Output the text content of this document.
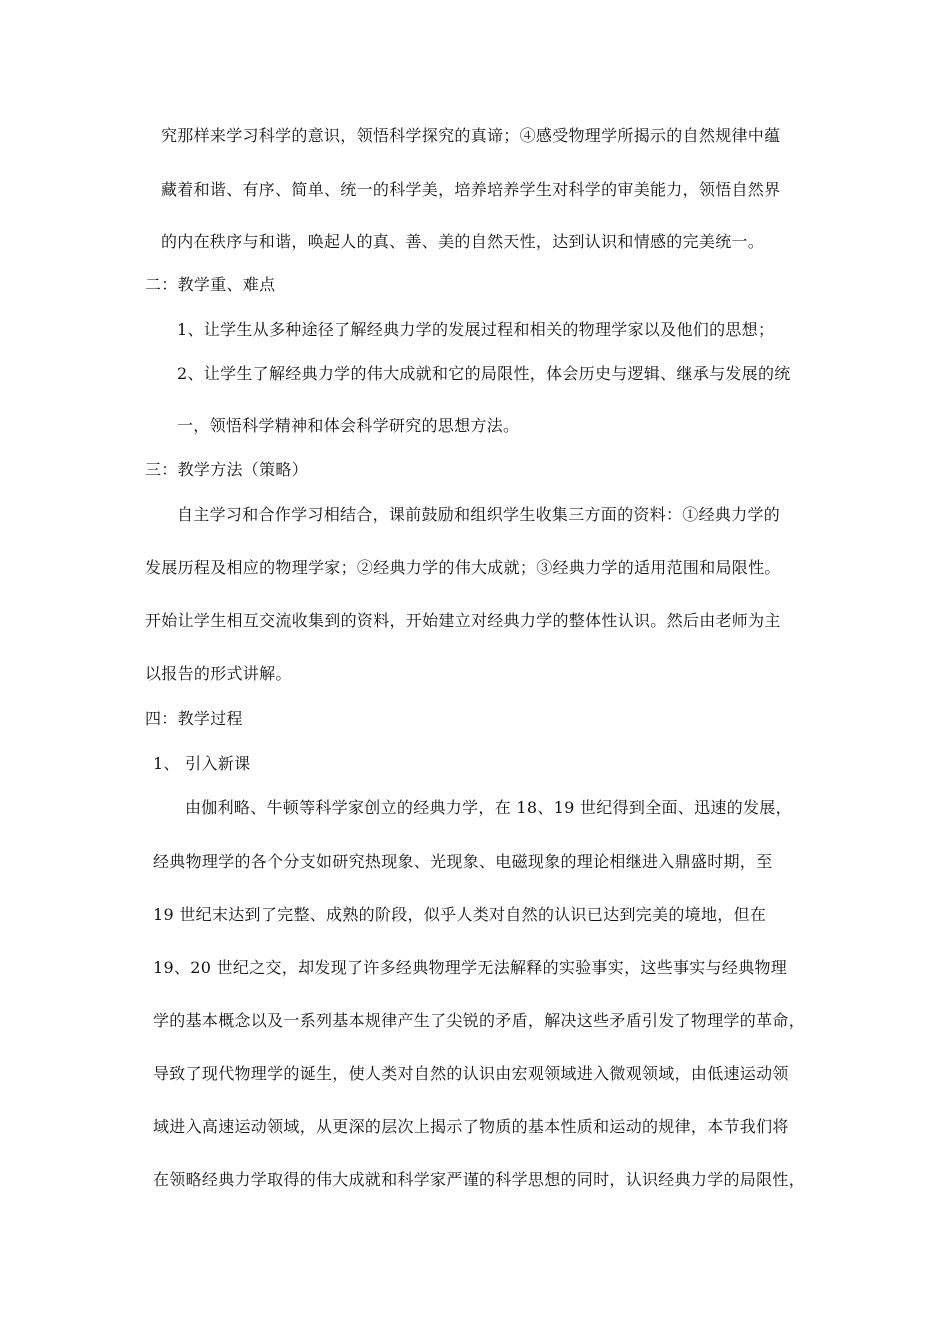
究那样来学习科学的意识，领悟科学探究的真谛；④感受物理学所揭示的自然规律中蕴
藏着和谐、有序、简单、统一的科学美，培养培养学生对科学的审美能力，领悟自然界
的内在秩序与和谐，唤起人的真、善、美的自然天性，达到认识和情感的完美统一。
二：教学重、难点
1、让学生从多种途径了解经典力学的发展过程和相关的物理学家以及他们的思想；
2、让学生了解经典力学的伟大成就和它的局限性，体会历史与逻辑、继承与发展的统
一，领悟科学精神和体会科学研究的思想方法。
三：教学方法（策略）
自主学习和合作学习相结合，课前鼓励和组织学生收集三方面的资料：①经典力学的
发展历程及相应的物理学家；②经典力学的伟大成就；③经典力学的适用范围和局限性。
开始让学生相互交流收集到的资料，开始建立对经典力学的整体性认识。然后由老师为主
以报告的形式讲解。
四：教学过程
1、 引入新课
由伽利略、牛顿等科学家创立的经典力学，在 18、19 世纪得到全面、迅速的发展，
经典物理学的各个分支如研究热现象、光现象、电磁现象的理论相继进入鼎盛时期，至
19 世纪末达到了完整、成熟的阶段，似乎人类对自然的认识已达到完美的境地，但在
19、20 世纪之交，却发现了许多经典物理学无法解释的实验事实，这些事实与经典物理
学的基本概念以及一系列基本规律产生了尖锐的矛盾，解决这些矛盾引发了物理学的革命，
导致了现代物理学的诞生，使人类对自然的认识由宏观领域进入微观领域，由低速运动领
域进入高速运动领域，从更深的层次上揭示了物质的基本性质和运动的规律，本节我们将
在领略经典力学取得的伟大成就和科学家严谨的科学思想的同时，认识经典力学的局限性，
